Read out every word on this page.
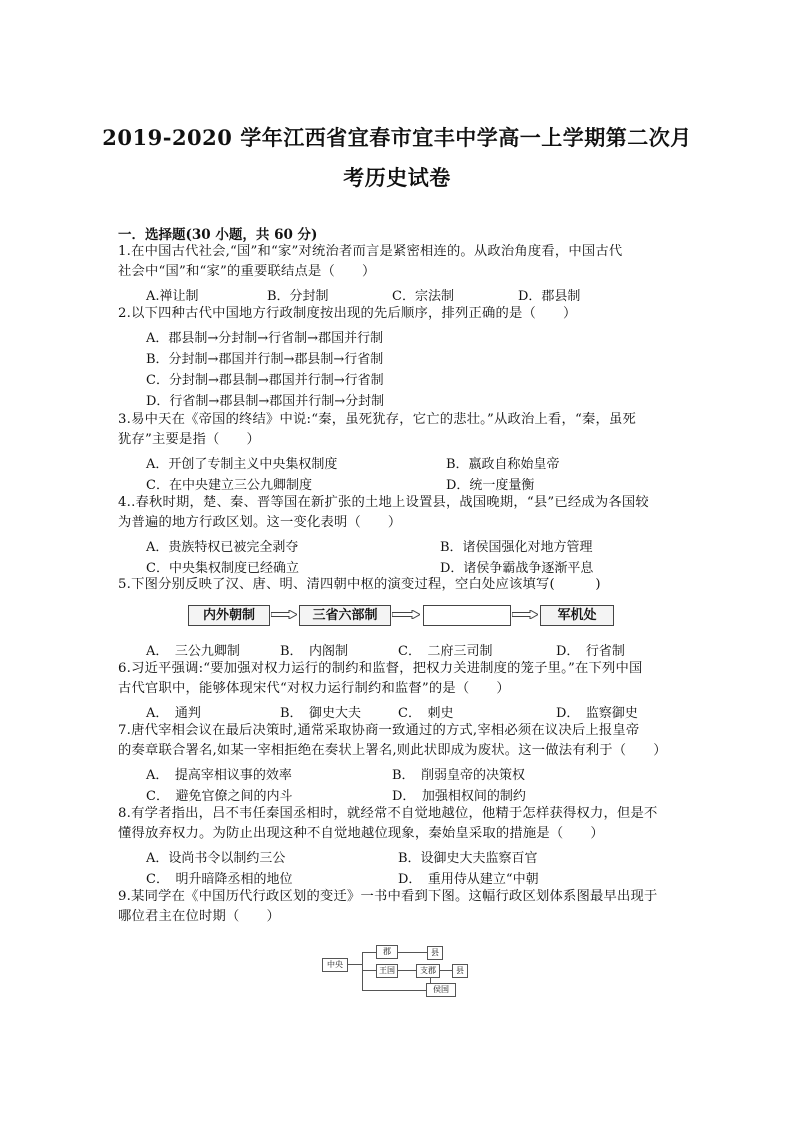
2019-2020 学年江西省宜春市宜丰中学高一上学期第二次月
考历史试卷
一．选择题(30 小题，共 60 分)
1.在中国古代社会,“国”和“家”对统治者而言是紧密相连的。从政治角度看，中国古代
社会中“国”和“家”的重要联结点是（　　）
A.禅让制	B．分封制	C．宗法制	D．郡县制
2.以下四种古代中国地方行政制度按出现的先后顺序，排列正确的是（　　）
A．郡县制→分封制→行省制→郡国并行制
B．分封制→郡国并行制→郡县制→行省制
C．分封制→郡县制→郡国并行制→行省制
D．行省制→郡县制→郡国并行制→分封制
3.易中天在《帝国的终结》中说:“秦，虽死犹存，它亡的悲壮。”从政治上看，“秦，虽死
犹存”主要是指（　　）
A．开创了专制主义中央集权制度	B．嬴政自称始皇帝
C．在中央建立三公九卿制度	D．统一度量衡
4..春秋时期，楚、秦、晋等国在新扩张的土地上设置县，战国晚期，“县”已经成为各国较
为普遍的地方行政区划。这一变化表明（　　）
A．贵族特权已被完全剥夺	B．诸侯国强化对地方管理
C．中央集权制度已经确立	D．诸侯争霸战争逐渐平息
5.下图分别反映了汉、唐、明、清四朝中枢的演变过程，空白处应该填写(　　　)
内外朝制	三省六部制	军机处
A．　三公九卿制	B．　内阁制	C．　二府三司制	D．　行省制
6.习近平强调:“要加强对权力运行的制约和监督，把权力关进制度的笼子里。”在下列中国
古代官职中，能够体现宋代“对权力运行制约和监督”的是（　　）
A．　通判	B．　御史大夫	C．　刺史	D．　监察御史
7.唐代宰相会议在最后决策时,通常采取协商一致通过的方式,宰相必须在议决后上报皇帝
的奏章联合署名,如某一宰相拒绝在奏状上署名,则此状即成为废状。这一做法有利于（　　）
A．　提高宰相议事的效率	B．　削弱皇帝的决策权
C．　避免官僚之间的内斗	D．　加强相权间的制约
8.有学者指出，吕不韦任秦国丞相时，就经常不自觉地越位，他精于怎样获得权力，但是不
懂得放弃权力。为防止出现这种不自觉地越位现象，秦始皇采取的措施是（　　）
A．设尚书令以制约三公	B．设御史大夫监察百官
C．　明升暗降丞相的地位	D．　重用侍从建立“中朝
9.某同学在《中国历代行政区划的变迁》一书中看到下图。这幅行政区划体系图最早出现于
哪位君主在位时期（　　）
中央
郡
王国	支郡	县
侯国
县
